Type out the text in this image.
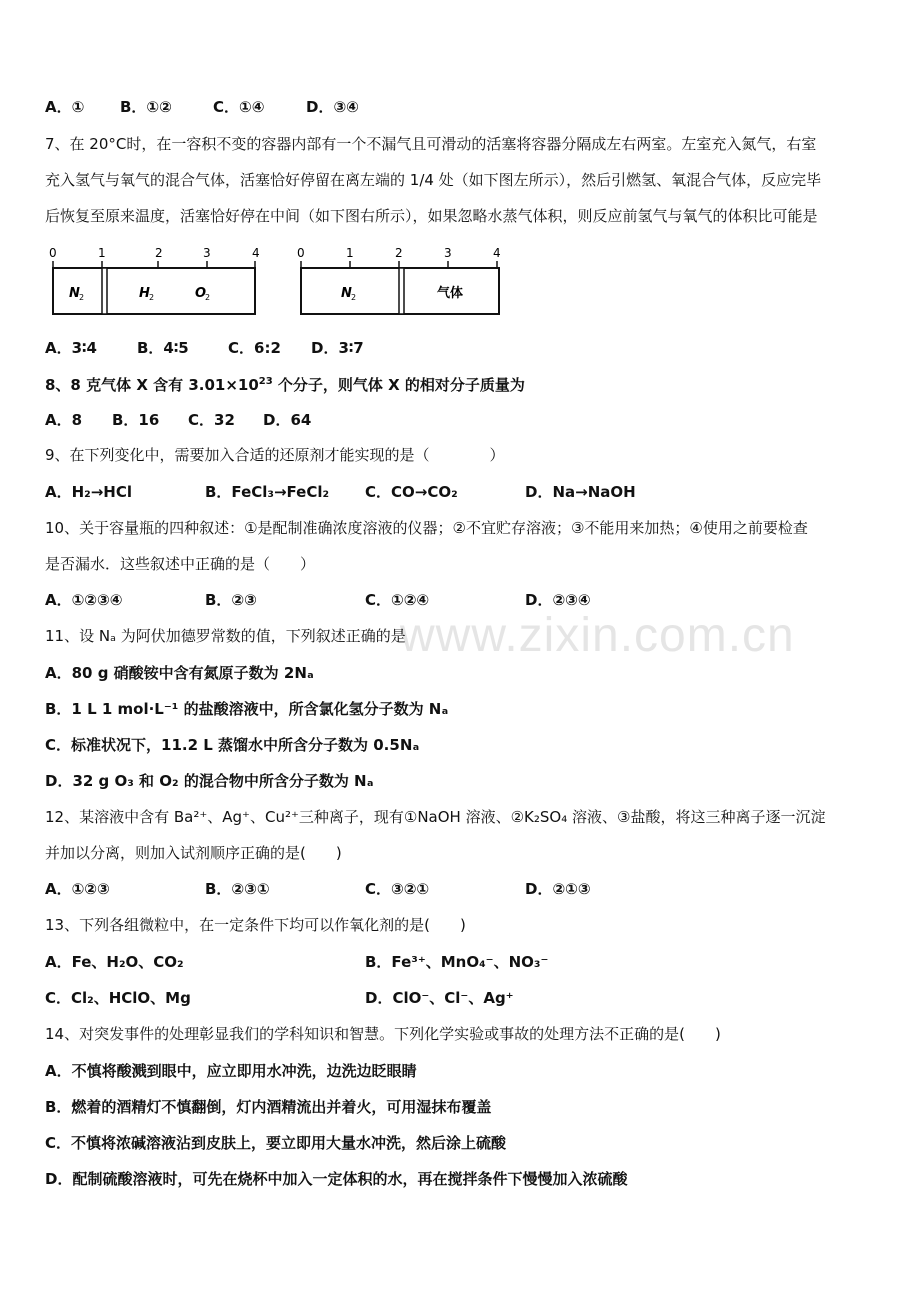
A．① B．①②	C．①④	D．③④
7、在 20°C时，在一容积不变的容器内部有一个不漏气且可滑动的活塞将容器分隔成左右两室。左室充入氮气，右室
充入氢气与氧气的混合气体，活塞恰好停留在离左端的 1/4 处（如下图左所示），然后引燃氢、氧混合气体，反应完毕
后恢复至原来温度，活塞恰好停在中间（如下图右所示），如果忽略水蒸气体积，则反应前氢气与氧气的体积比可能是
0	1	2	3	4
N 2	H 2	O
2
0	1	2	3	4
N 2	气体
A．3∶4	B．4∶5	C．6:2 D．3∶7
8、8 克气体 X 含有 $3.01\times 10^{23}$ 个分子，则气体 X 的相对分子质量为
A．8 B．16 C．32 D．64
9、在下列变化中，需要加入合适的还原剂才能实现的是（　　　　）
A．H₂→HCl	B．FeCl₃→FeCl₂ C．CO→CO₂	D．Na→NaOH
10、关于容量瓶的四种叙述：①是配制准确浓度溶液的仪器；②不宜贮存溶液；③不能用来加热；④使用之前要检查
是否漏水．这些叙述中正确的是（　　）
A．①②③④	B．②③	C．①②④	D．②③④
www.zixin.com.cn
11、设 Nₐ 为阿伏加德罗常数的值，下列叙述正确的是
A．80 g 硝酸铵中含有氮原子数为 2Nₐ
B．1 L 1 mol·L⁻¹ 的盐酸溶液中，所含氯化氢分子数为 Nₐ
C．标准状况下，11.2 L 蒸馏水中所含分子数为 0.5Nₐ
D．32 g O₃ 和 O₂ 的混合物中所含分子数为 Nₐ
12、某溶液中含有 Ba²⁺、Ag⁺、Cu²⁺三种离子，现有①NaOH 溶液、②K₂SO₄ 溶液、③盐酸，将这三种离子逐一沉淀
并加以分离，则加入试剂顺序正确的是(　　)
A．①②③	B．②③①	C．③②①	D．②①③
13、下列各组微粒中，在一定条件下均可以作氧化剂的是(　　)
A．Fe、H₂O、CO₂	B．Fe³⁺、MnO₄⁻、NO₃⁻
C．Cl₂、HClO、Mg	D．ClO⁻、Cl⁻、Ag⁺
14、对突发事件的处理彰显我们的学科知识和智慧。下列化学实验或事故的处理方法不正确的是(　　)
A．不慎将酸溅到眼中，应立即用水冲洗，边洗边眨眼睛
B．燃着的酒精灯不慎翻倒，灯内酒精流出并着火，可用湿抹布覆盖
C．不慎将浓碱溶液沾到皮肤上，要立即用大量水冲洗，然后涂上硫酸
D．配制硫酸溶液时，可先在烧杯中加入一定体积的水，再在搅拌条件下慢慢加入浓硫酸
